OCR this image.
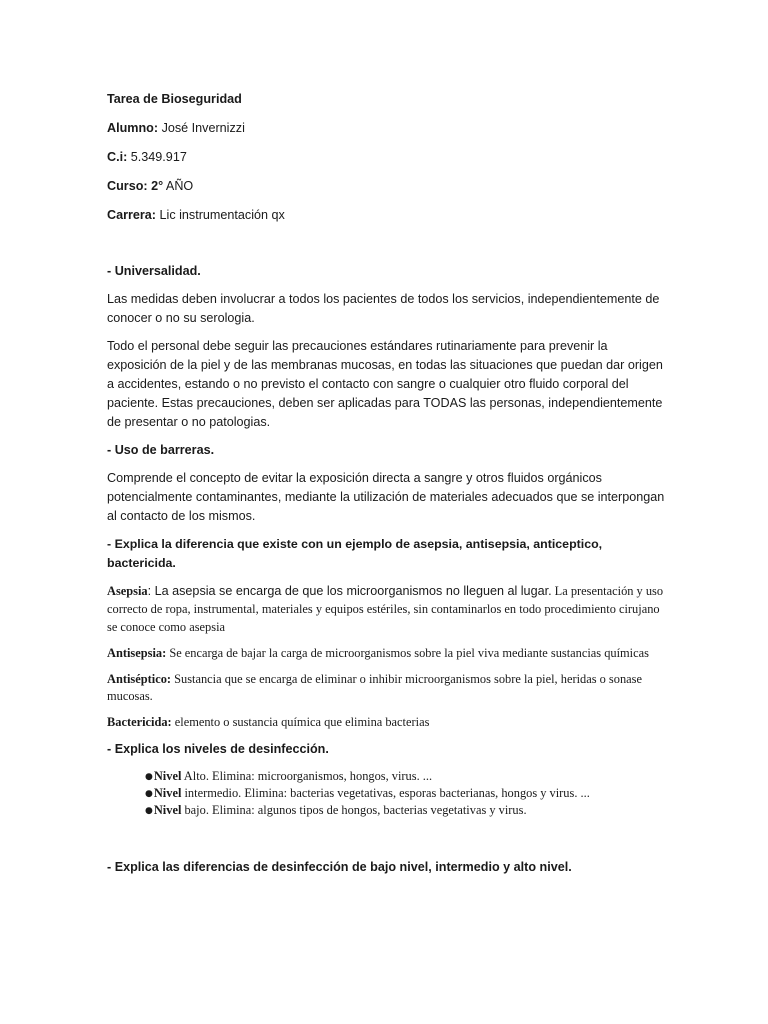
Tarea de Bioseguridad

Alumno: José Invernizzi

C.i: 5.349.917

Curso: 2° AÑO

Carrera: Lic instrumentación qx

- Universalidad.

Las medidas deben involucrar a todos los pacientes de todos los servicios, independientemente de conocer o no su serologia.

Todo el personal debe seguir las precauciones estándares rutinariamente para prevenir la exposición de la piel y de las membranas mucosas, en todas las situaciones que puedan dar origen a accidentes, estando o no previsto el contacto con sangre o cualquier otro fluido corporal del paciente. Estas precauciones, deben ser aplicadas para TODAS las personas, independientemente de presentar o no patologias.

- Uso de barreras.

Comprende el concepto de evitar la exposición directa a sangre y otros fluidos orgánicos potencialmente contaminantes, mediante la utilización de materiales adecuados que se interpongan al contacto de los mismos.

- Explica la diferencia que existe con un ejemplo de asepsia, antisepsia, anticeptico, bactericida.

Asepsia: La asepsia se encarga de que los microorganismos no lleguen al lugar. La presentación y uso correcto de ropa, instrumental, materiales y equipos estériles, sin contaminarlos en todo procedimiento cirujano se conoce como asepsia

Antisepsia: Se encarga de bajar la carga de microorganismos sobre la piel viva mediante sustancias químicas

Antiséptico: Sustancia que se encarga de eliminar o inhibir microorganismos sobre la piel, heridas o sonase mucosas.

Bactericida: elemento o sustancia química que elimina bacterias

- Explica los niveles de desinfección.

●Nivel Alto. Elimina: microorganismos, hongos, virus. ...
●Nivel intermedio. Elimina: bacterias vegetativas, esporas bacterianas, hongos y virus. ...
●Nivel bajo. Elimina: algunos tipos de hongos, bacterias vegetativas y virus.

- Explica las diferencias de desinfección de bajo nivel, intermedio y alto nivel.
